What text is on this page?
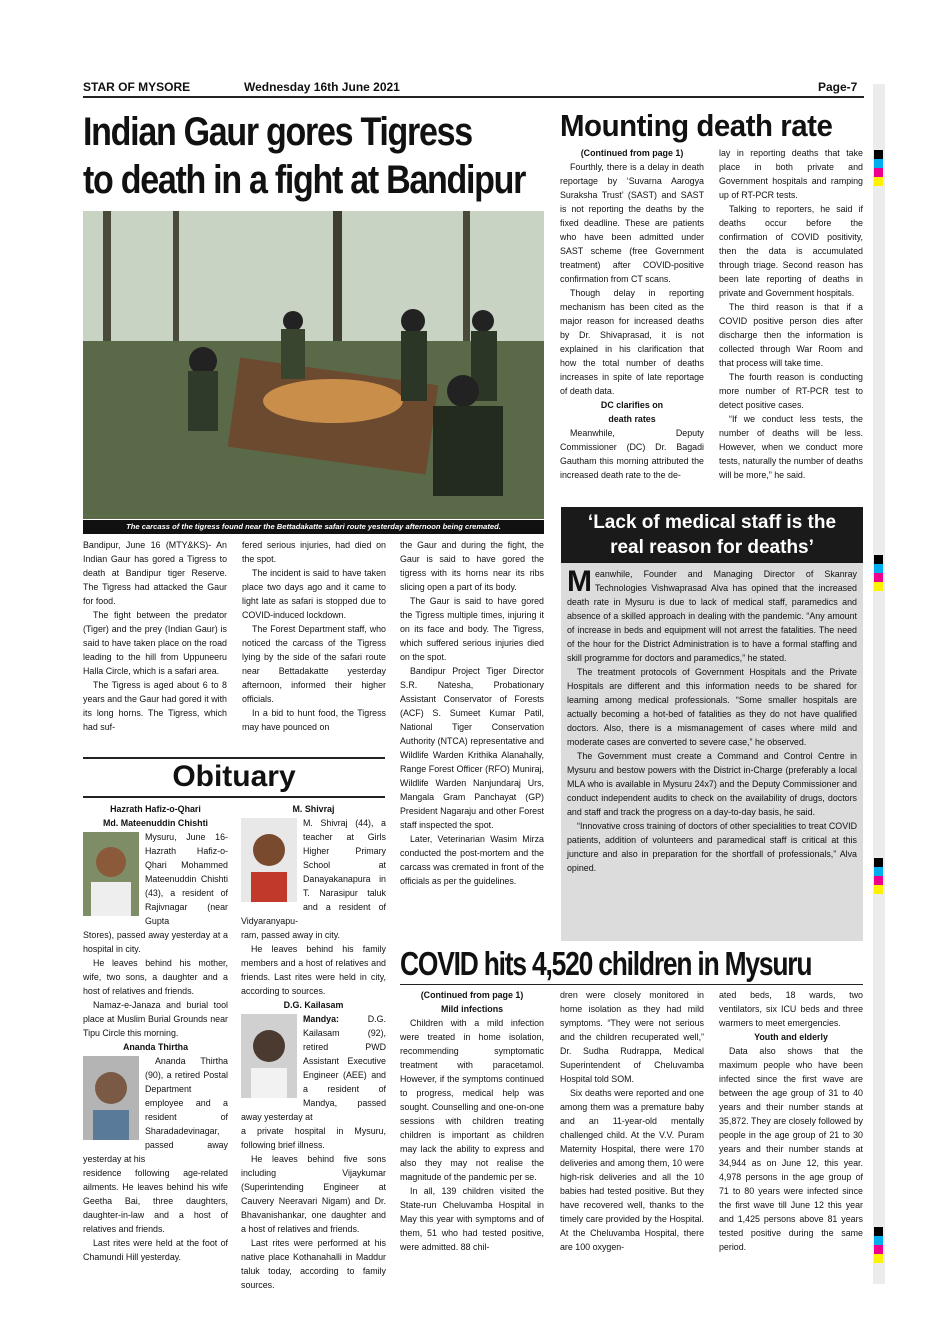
STAR OF MYSORE	Wednesday 16th June 2021	Page-7
Indian Gaur gores Tigress
to death in a fight at Bandipur
The carcass of the tigress found near the Bettadakatte safari route yesterday afternoon being cremated.

Bandipur, June 16 (MTY&KS)- An Indian Gaur has gored a Tigress to death at Bandipur tiger Reserve. The Tigress had attacked the Gaur for food.

The fight between the predator (Tiger) and the prey (Indian Gaur) is said to have taken place on the road leading to the hill from Uppuneeru Halla Circle, which is a safari area.

The Tigress is aged about 6 to 8 years and the Gaur had gored it with its long horns. The Tigress, which had suf-

fered serious injuries, had died on the spot.

The incident is said to have taken place two days ago and it came to light late as safari is stopped due to COVID-induced lockdown.

The Forest Department staff, who noticed the carcass of the Tigress lying by the side of the safari route near Bettadakatte yesterday afternoon, informed their higher officials.

In a bid to hunt food, the Tigress may have pounced on

the Gaur and during the fight, the Gaur is said to have gored the tigress with its horns near its ribs slicing open a part of its body.

The Gaur is said to have gored the Tigress multiple times, injuring it on its face and body. The Tigress, which suffered serious injuries died on the spot.

Bandipur Project Tiger Director S.R. Natesha, Probationary Assistant Conservator of Forests (ACF) S. Sumeet Kumar Patil, National Tiger Conservation Authority (NTCA) representative and Wildlife Warden Krithika Alanahally, Range Forest Officer (RFO) Muniraj, Wildlife Warden Nanjundaraj Urs, Mangala Gram Panchayat (GP) President Nagaraju and other Forest staff inspected the spot.

Later, Veterinarian Wasim Mirza conducted the post-mortem and the carcass was cremated in front of the officials as per the guidelines.

Mounting death rate
(Continued from page 1)

Fourthly, there is a delay in death reportage by ‘Suvarna Aarogya Suraksha Trust’ (SAST) and SAST is not reporting the deaths by the fixed deadline. These are patients who have been admitted under SAST scheme (free Government treatment) after COVID-positive confirmation from CT scans.

Though delay in reporting mechanism has been cited as the major reason for increased deaths by Dr. Shivaprasad, it is not explained in his clarification that how the total number of deaths increases in spite of late reportage of death data.

DC clarifies on
death rates

Meanwhile, Deputy Commissioner (DC) Dr. Bagadi Gautham this morning attributed the increased death rate to the de-

lay in reporting deaths that take place in both private and Government hospitals and ramping up of RT-PCR tests.

Talking to reporters, he said if deaths occur before the confirmation of COVID positivity, then the data is accumulated through triage. Second reason has been late reporting of deaths in private and Government hospitals.

The third reason is that if a COVID positive person dies after discharge then the information is collected through War Room and that process will take time.

The fourth reason is conducting more number of RT-PCR test to detect positive cases.

“If we conduct less tests, the number of deaths will be less. However, when we conduct more tests, naturally the number of deaths will be more,” he said.

‘Lack of medical staff is the
real reason for deaths’

Meanwhile, Founder and Managing Director of Skanray Technologies Vishwaprasad Alva has opined that the increased death rate in Mysuru is due to lack of medical staff, paramedics and absence of a skilled approach in dealing with the pandemic. “Any amount of increase in beds and equipment will not arrest the fatalities. The need of the hour for the District Administration is to have a formal staffing and skill programme for doctors and paramedics,” he stated.

The treatment protocols of Government Hospitals and the Private Hospitals are different and this information needs to be shared for learning among medical professionals. “Some smaller hospitals are actually becoming a hot-bed of fatalities as they do not have qualified doctors. Also, there is a mismanagement of cases where mild and moderate cases are converted to severe case,” he observed.

The Government must create a Command and Control Centre in Mysuru and bestow powers with the District in-Charge (preferably a local MLA who is available in Mysuru 24x7) and the Deputy Commissioner and conduct independent audits to check on the availability of drugs, doctors and staff and track the progress on a day-to-day basis, he said.

“Innovative cross training of doctors of other specialities to treat COVID patients, addition of volunteers and paramedical staff is critical at this juncture and also in preparation for the shortfall of professionals,” Alva opined.

Obituary
Hazrath Hafiz-o-Qhari
Md. Mateenuddin Chishti

Mysuru, June 16- Hazrath Hafiz-o-Qhari Mohammed Mateenuddin Chishti (43), a resident of Rajivnagar (near Gupta

Stores), passed away yesterday at a hospital in city.

He leaves behind his mother, wife, two sons, a daughter and a host of relatives and friends.

Namaz-e-Janaza and burial tool place at Muslim Burial Grounds near Tipu Circle this morning.

Ananda Thirtha

Ananda Thirtha (90), a retired Postal Department employee and a resident of Sharadadevinagar, passed away yesterday at his

residence following age-related ailments. He leaves behind his wife Geetha Bai, three daughters, daughter-in-law and a host of relatives and friends.

Last rites were held at the foot of Chamundi Hill yesterday.

M. Shivraj

M. Shivraj (44), a teacher at Girls Higher Primary School at Danayakanapura in T. Narasipur taluk and a resident of Vidyaranyapu-

ram, passed away in city.

He leaves behind his family members and a host of relatives and friends. Last rites were held in city, according to sources.

D.G. Kailasam

Mandya: D.G. Kailasam (92), retired PWD Assistant Executive Engineer (AEE) and a resident of Mandya, passed away yesterday at

a private hospital in Mysuru, following brief illness.

He leaves behind five sons including Vijaykumar (Superintending Engineer at Cauvery Neeravari Nigam) and Dr. Bhavanishankar, one daughter and a host of relatives and friends.

Last rites were performed at his native place Kothanahalli in Maddur taluk today, according to family sources.

COVID hits 4,520 children in Mysuru
(Continued from page 1)
Mild infections

Children with a mild infection were treated in home isolation, recommending symptomatic treatment with paracetamol. However, if the symptoms continued to progress, medical help was sought. Counselling and one-on-one sessions with children treating children is important as children may lack the ability to express and also they may not realise the magnitude of the pandemic per se.

In all, 139 children visited the State-run Cheluvamba Hospital in May this year with symptoms and of them, 51 who had tested positive, were admitted. 88 chil-

dren were closely monitored in home isolation as they had mild symptoms. “They were not serious and the children recuperated well,” Dr. Sudha Rudrappa, Medical Superintendent of Cheluvamba Hospital told SOM.

Six deaths were reported and one among them was a premature baby and an 11-year-old mentally challenged child. At the V.V. Puram Maternity Hospital, there were 170 deliveries and among them, 10 were high-risk deliveries and all the 10 babies had tested positive. But they have recovered well, thanks to the timely care provided by the Hospital. At the Cheluvamba Hospital, there are 100 oxygen-

ated beds, 18 wards, two ventilators, six ICU beds and three warmers to meet emergencies.

Youth and elderly

Data also shows that the maximum people who have been infected since the first wave are between the age group of 31 to 40 years and their number stands at 35,872. They are closely followed by people in the age group of 21 to 30 years and their number stands at 34,944 as on June 12, this year. 4,978 persons in the age group of 71 to 80 years were infected since the first wave till June 12 this year and 1,425 persons above 81 years tested positive during the same period.
